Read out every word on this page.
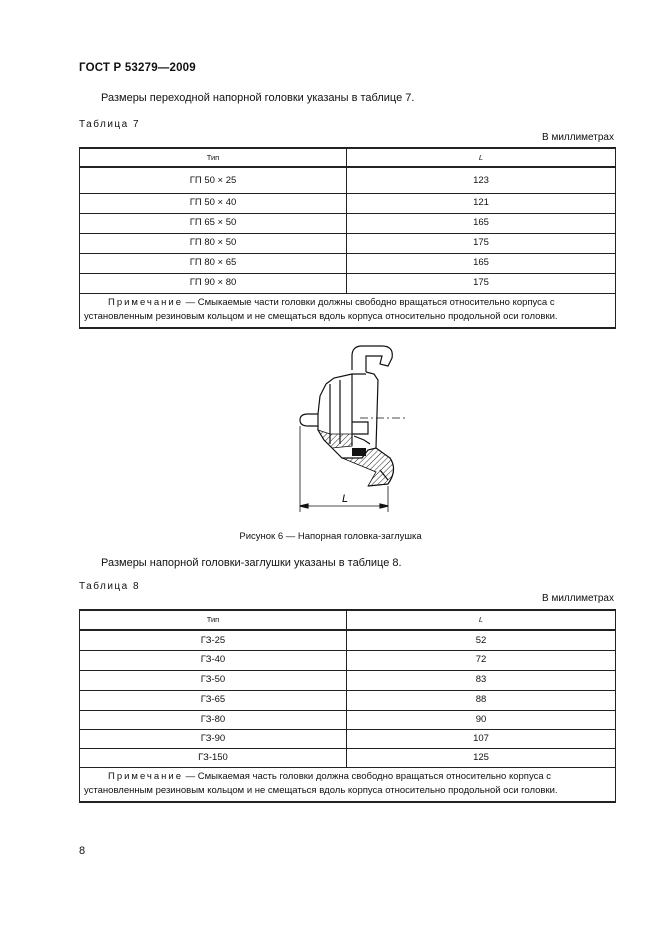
ГОСТ Р 53279—2009
Размеры переходной напорной головки указаны в таблице 7.
Таблица 7
В миллиметрах
Тип	L
ГП 50 × 25	123
ГП 50 × 40	121
ГП 65 × 50	165
ГП 80 × 50	175
ГП 80 × 65	165
ГП 90 × 80	175
Примечание — Смыкаемые части головки должны свободно вращаться относительно корпуса с установленным резиновым кольцом и не смещаться вдоль корпуса относительно продольной оси головки.	
L
Рисунок 6 — Напорная головка-заглушка
Размеры напорной головки-заглушки указаны в таблице 8.
Таблица 8
В миллиметрах
Тип	L
ГЗ-25	52
ГЗ-40	72
ГЗ-50	83
ГЗ-65	88
ГЗ-80	90
ГЗ-90	107
ГЗ-150	125
Примечание — Смыкаемая часть головки должна свободно вращаться относительно корпуса с установленным резиновым кольцом и не смещаться вдоль корпуса относительно продольной оси головки.	
8
